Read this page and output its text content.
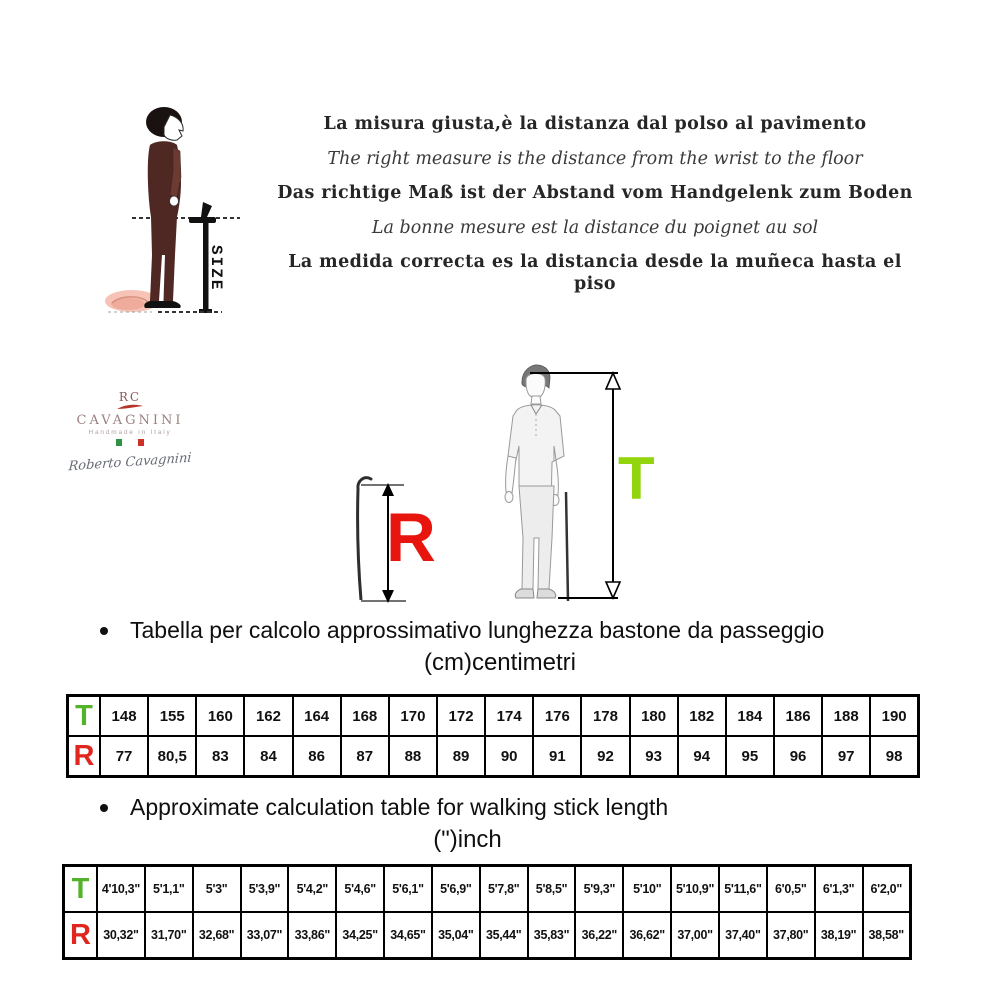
SIZE
La misura giusta,è la distanza dal polso al pavimento
The right measure is the distance from the wrist to the floor
Das richtige Maß ist der Abstand vom Handgelenk zum Boden
La bonne mesure est la distance du poignet au sol
La medida correcta es la distancia desde la muñeca hasta el piso
RC
CAVAGNINI
Handmade in Italy
Roberto Cavagnini
R
T
Tabella per calcolo approssimativo lunghezza bastone da passeggio
(cm)centimetri
T	148	155	160	162	164	168	170	172	174	176	178	180	182	184	186	188	190
R	77	80,5	83	84	86	87	88	89	90	91	92	93	94	95	96	97	98
Approximate calculation table for walking stick length
(")inch
T	4'10,3"	5'1,1"	5'3"	5'3,9"	5'4,2"	5'4,6"	5'6,1"	5'6,9"	5'7,8"	5'8,5"	5'9,3"	5'10"	5'10,9"	5'11,6"	6'0,5"	6'1,3"	6'2,0"
R	30,32"	31,70"	32,68"	33,07"	33,86"	34,25"	34,65"	35,04"	35,44"	35,83"	36,22"	36,62"	37,00"	37,40"	37,80"	38,19"	38,58"
